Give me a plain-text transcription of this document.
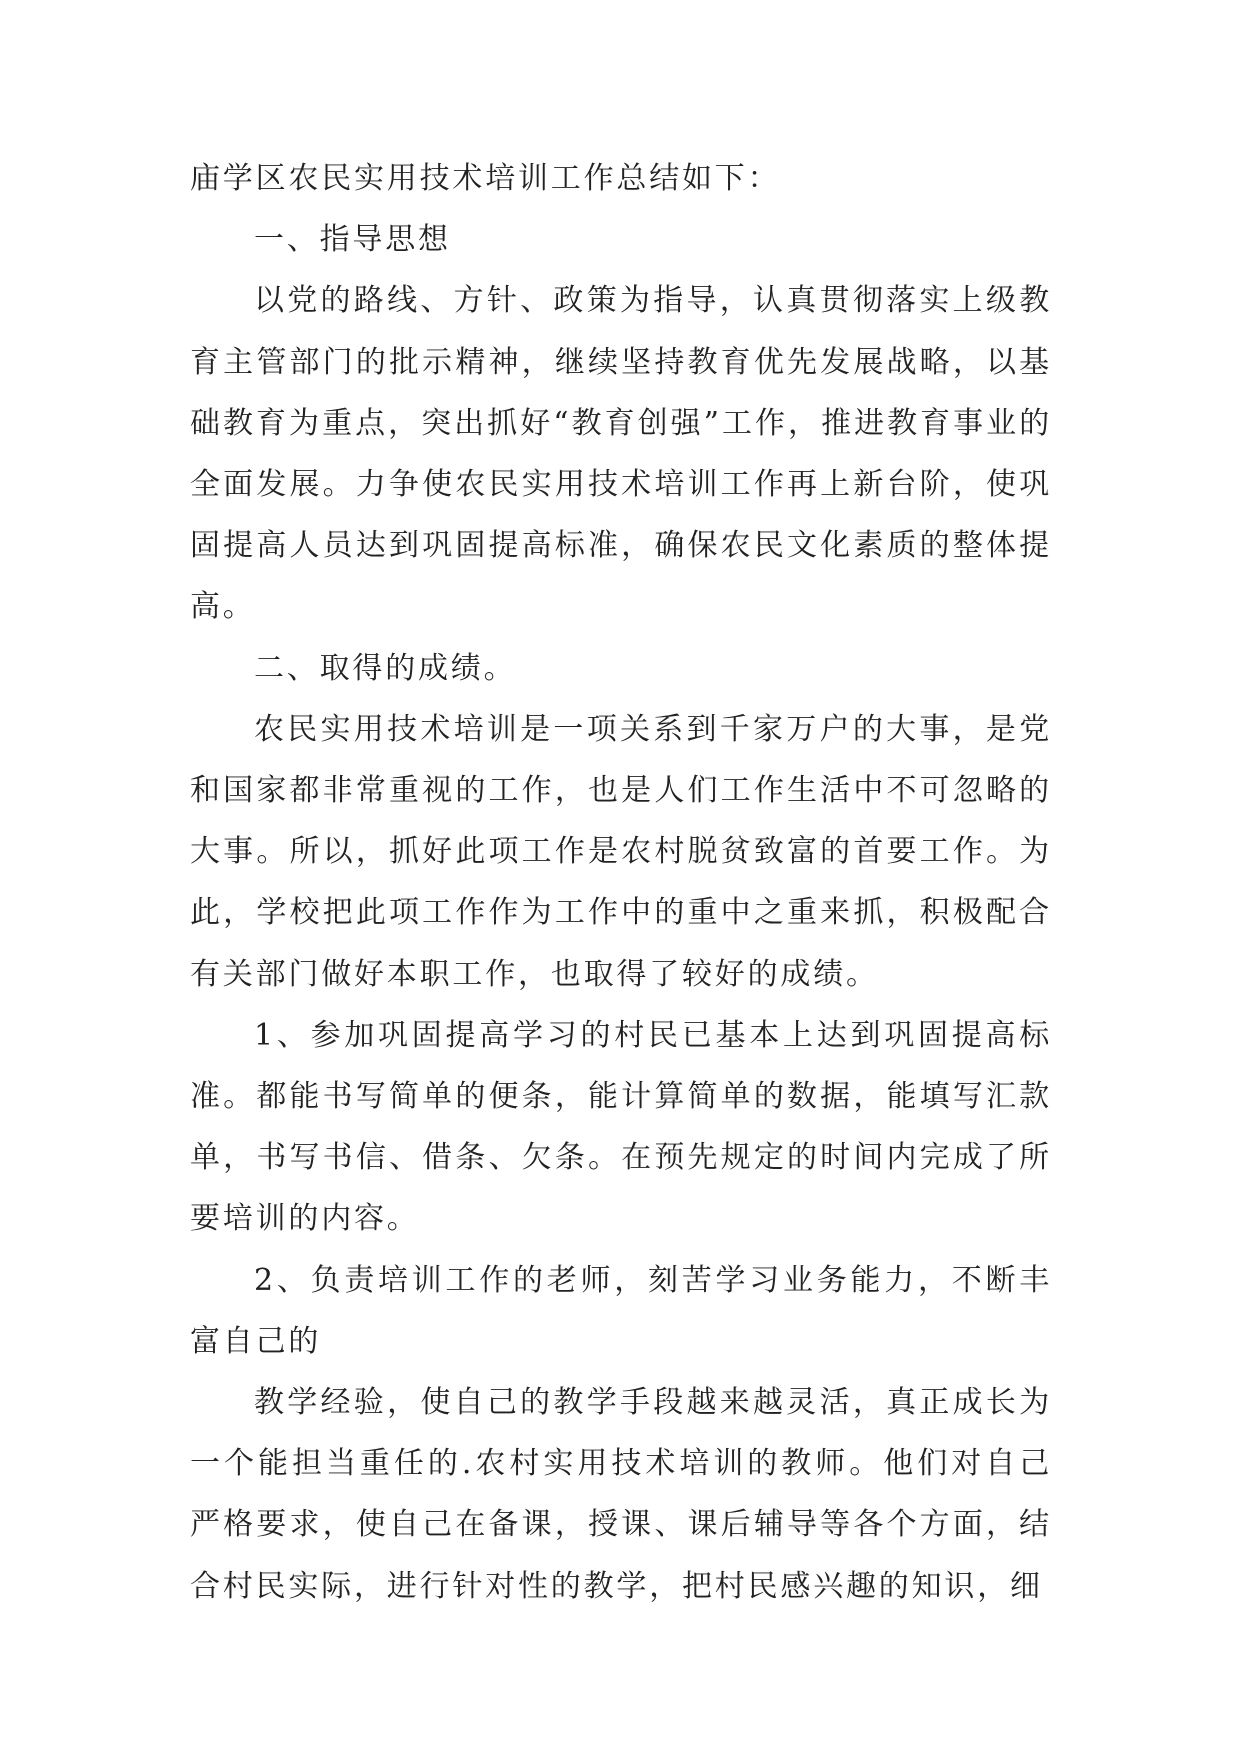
庙学区农民实用技术培训工作总结如下：

一、指导思想

以党的路线、方针、政策为指导，认真贯彻落实上级教育主管部门的批示精神，继续坚持教育优先发展战略，以基础教育为重点，突出抓好“教育创强”工作，推进教育事业的全面发展。力争使农民实用技术培训工作再上新台阶，使巩固提高人员达到巩固提高标准，确保农民文化素质的整体提高。

二、取得的成绩。

农民实用技术培训是一项关系到千家万户的大事，是党和国家都非常重视的工作，也是人们工作生活中不可忽略的大事。所以，抓好此项工作是农村脱贫致富的首要工作。为此，学校把此项工作作为工作中的重中之重来抓，积极配合有关部门做好本职工作，也取得了较好的成绩。

1、参加巩固提高学习的村民已基本上达到巩固提高标准。都能书写简单的便条，能计算简单的数据，能填写汇款单，书写书信、借条、欠条。在预先规定的时间内完成了所要培训的内容。

2、负责培训工作的老师，刻苦学习业务能力，不断丰富自己的

教学经验，使自己的教学手段越来越灵活，真正成长为一个能担当重任的.农村实用技术培训的教师。他们对自己严格要求，使自己在备课，授课、课后辅导等各个方面，结合村民实际，进行针对性的教学，把村民感兴趣的知识，细
